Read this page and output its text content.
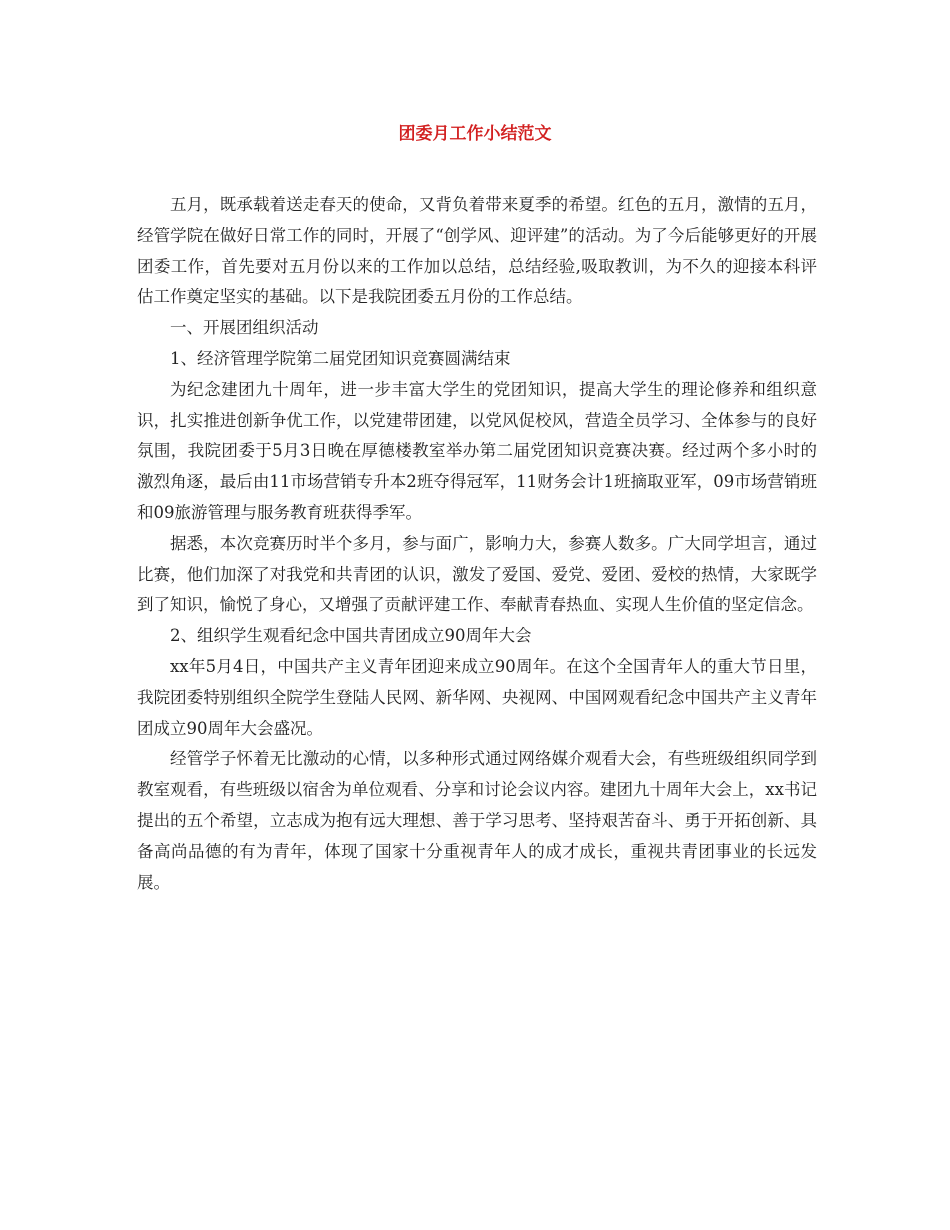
团委月工作小结范文

五月，既承载着送走春天的使命，又背负着带来夏季的希望。红色的五月，激情的五月，经管学院在做好日常工作的同时，开展了“创学风、迎评建”的活动。为了今后能够更好的开展团委工作，首先要对五月份以来的工作加以总结，总结经验,吸取教训，为不久的迎接本科评估工作奠定坚实的基础。以下是我院团委五月份的工作总结。

一、开展团组织活动

1、经济管理学院第二届党团知识竞赛圆满结束

为纪念建团九十周年，进一步丰富大学生的党团知识，提高大学生的理论修养和组织意识，扎实推进创新争优工作，以党建带团建，以党风促校风，营造全员学习、全体参与的良好氛围，我院团委于5月3日晚在厚德楼教室举办第二届党团知识竞赛决赛。经过两个多小时的激烈角逐，最后由11市场营销专升本2班夺得冠军，11财务会计1班摘取亚军，09市场营销班和09旅游管理与服务教育班获得季军。

据悉，本次竞赛历时半个多月，参与面广，影响力大，参赛人数多。广大同学坦言，通过比赛，他们加深了对我党和共青团的认识，激发了爱国、爱党、爱团、爱校的热情，大家既学到了知识，愉悦了身心，又增强了贡献评建工作、奉献青春热血、实现人生价值的坚定信念。

2、组织学生观看纪念中国共青团成立90周年大会

xx年5月4日，中国共产主义青年团迎来成立90周年。在这个全国青年人的重大节日里，我院团委特别组织全院学生登陆人民网、新华网、央视网、中国网观看纪念中国共产主义青年团成立90周年大会盛况。

经管学子怀着无比激动的心情，以多种形式通过网络媒介观看大会，有些班级组织同学到教室观看，有些班级以宿舍为单位观看、分享和讨论会议内容。建团九十周年大会上，xx书记提出的五个希望，立志成为抱有远大理想、善于学习思考、坚持艰苦奋斗、勇于开拓创新、具备高尚品德的有为青年，体现了国家十分重视青年人的成才成长，重视共青团事业的长远发展。
